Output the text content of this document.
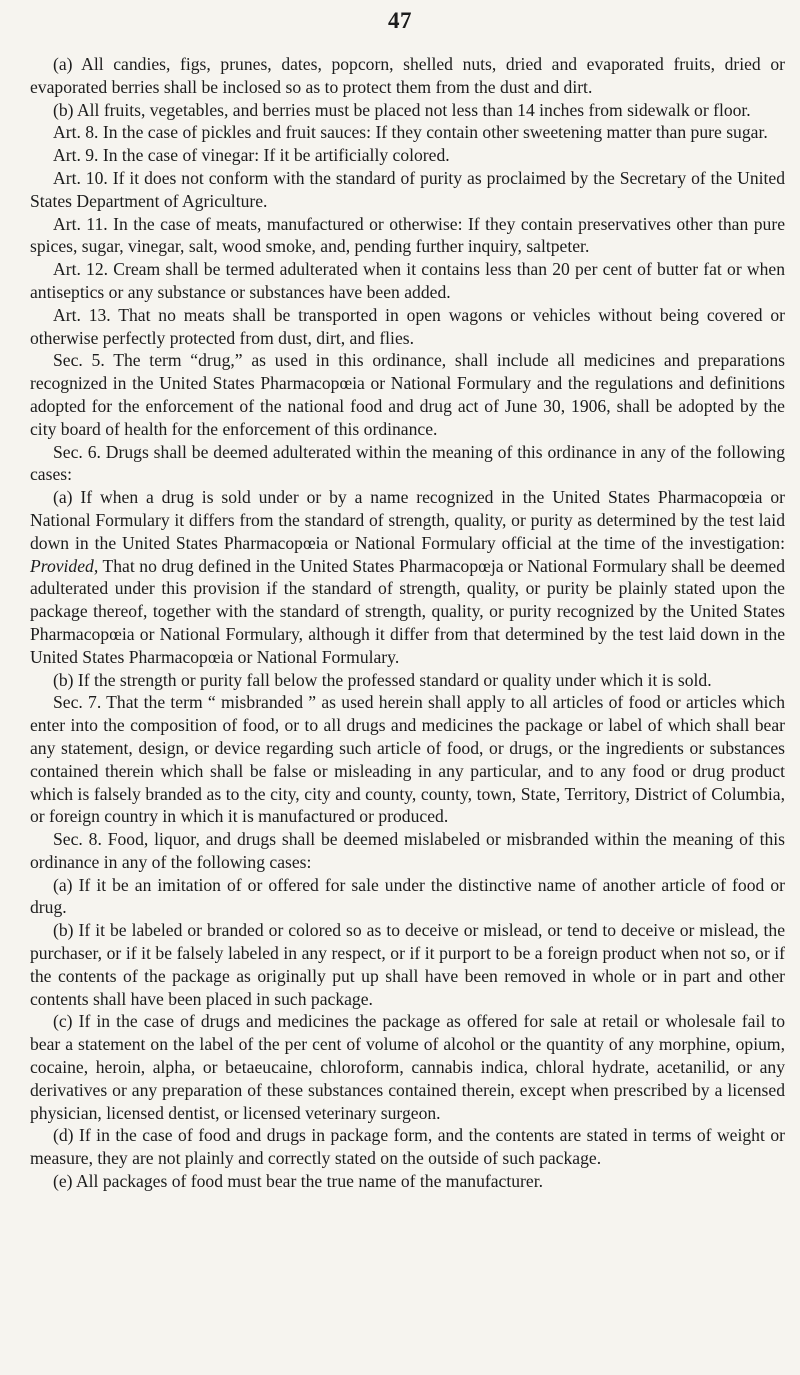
47

(a) All candies, figs, prunes, dates, popcorn, shelled nuts, dried and evaporated fruits, dried or evaporated berries shall be inclosed so as to protect them from the dust and dirt.

(b) All fruits, vegetables, and berries must be placed not less than 14 inches from sidewalk or floor.

Art. 8. In the case of pickles and fruit sauces: If they contain other sweetening matter than pure sugar.

Art. 9. In the case of vinegar: If it be artificially colored.

Art. 10. If it does not conform with the standard of purity as proclaimed by the Secretary of the United States Department of Agriculture.

Art. 11. In the case of meats, manufactured or otherwise: If they contain preservatives other than pure spices, sugar, vinegar, salt, wood smoke, and, pending further inquiry, saltpeter.

Art. 12. Cream shall be termed adulterated when it contains less than 20 per cent of butter fat or when antiseptics or any substance or substances have been added.

Art. 13. That no meats shall be transported in open wagons or vehicles without being covered or otherwise perfectly protected from dust, dirt, and flies.

Sec. 5. The term “drug,” as used in this ordinance, shall include all medicines and preparations recognized in the United States Pharmacopœia or National Formulary and the regulations and definitions adopted for the enforcement of the national food and drug act of June 30, 1906, shall be adopted by the city board of health for the enforcement of this ordinance.

Sec. 6. Drugs shall be deemed adulterated within the meaning of this ordinance in any of the following cases:

(a) If when a drug is sold under or by a name recognized in the United States Pharmacopœia or National Formulary it differs from the standard of strength, quality, or purity as determined by the test laid down in the United States Pharmacopœia or National Formulary official at the time of the investigation: Provided, That no drug defined in the United States Pharmacopœja or National Formulary shall be deemed adulterated under this provision if the standard of strength, quality, or purity be plainly stated upon the package thereof, together with the standard of strength, quality, or purity recognized by the United States Pharmacopœia or National Formulary, although it differ from that determined by the test laid down in the United States Pharmacopœia or National Formulary.

(b) If the strength or purity fall below the professed standard or quality under which it is sold.

Sec. 7. That the term “ misbranded ” as used herein shall apply to all articles of food or articles which enter into the composition of food, or to all drugs and medicines the package or label of which shall bear any statement, design, or device regarding such article of food, or drugs, or the ingredients or substances contained therein which shall be false or misleading in any particular, and to any food or drug product which is falsely branded as to the city, city and county, county, town, State, Territory, District of Columbia, or foreign country in which it is manufactured or produced.

Sec. 8. Food, liquor, and drugs shall be deemed mislabeled or misbranded within the meaning of this ordinance in any of the following cases:

(a) If it be an imitation of or offered for sale under the distinctive name of another article of food or drug.

(b) If it be labeled or branded or colored so as to deceive or mislead, or tend to deceive or mislead, the purchaser, or if it be falsely labeled in any respect, or if it purport to be a foreign product when not so, or if the contents of the package as originally put up shall have been removed in whole or in part and other contents shall have been placed in such package.

(c) If in the case of drugs and medicines the package as offered for sale at retail or wholesale fail to bear a statement on the label of the per cent of volume of alcohol or the quantity of any morphine, opium, cocaine, heroin, alpha, or betaeucaine, chloroform, cannabis indica, chloral hydrate, acetanilid, or any derivatives or any preparation of these substances contained therein, except when prescribed by a licensed physician, licensed dentist, or licensed veterinary surgeon.

(d) If in the case of food and drugs in package form, and the contents are stated in terms of weight or measure, they are not plainly and correctly stated on the outside of such package.

(e) All packages of food must bear the true name of the manufacturer.
